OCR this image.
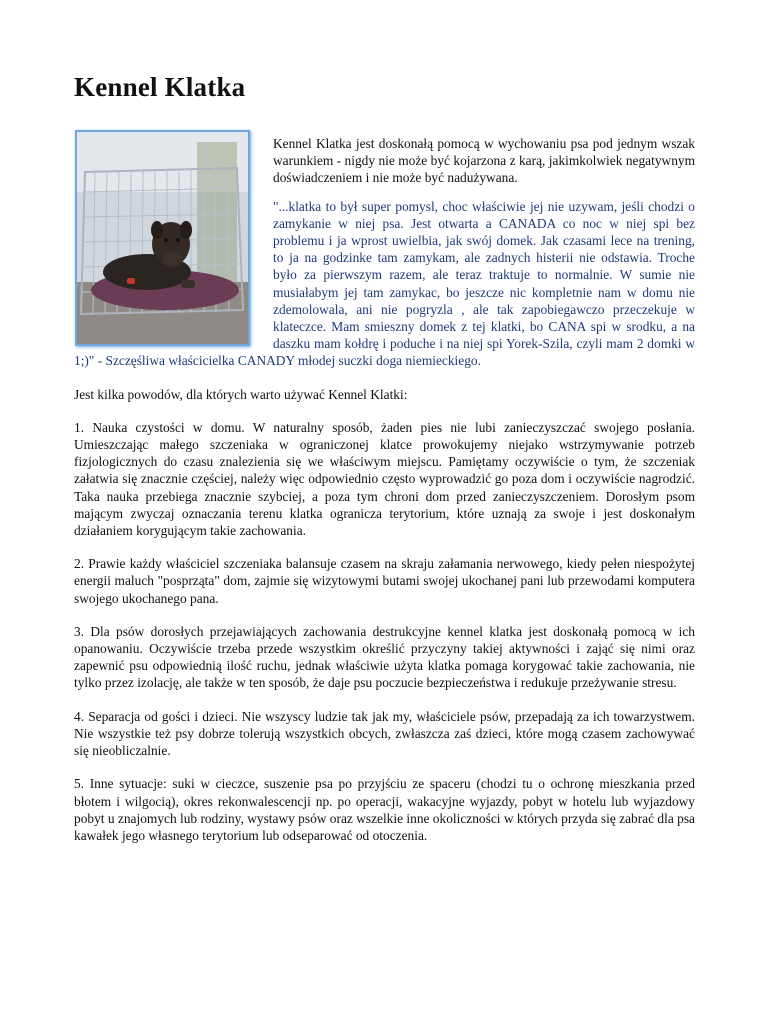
Kennel Klatka

Kennel Klatka jest doskonałą pomocą w wychowaniu psa pod jednym wszak warunkiem - nigdy nie może być kojarzona z karą, jakimkolwiek negatywnym doświadczeniem i nie może być nadużywana.

"...klatka to był super pomysl, choc właściwie jej nie uzywam, jeśli chodzi o zamykanie w niej psa. Jest otwarta a CANADA co noc w niej spi bez problemu i ja wprost uwielbia, jak swój domek. Jak czasami lece na trening, to ja na godzinke tam zamykam, ale zadnych histerii nie odstawia. Troche było za pierwszym razem, ale teraz traktuje to normalnie. W sumie nie musiałabym jej tam zamykac, bo jeszcze nic kompletnie nam w domu nie zdemolowala, ani nie pogryzla , ale tak zapobiegawczo przeczekuje w klateczce. Mam smieszny domek z tej klatki, bo CANA spi w srodku, a na daszku mam kołdrę i poduche i na niej spi Yorek-Szila, czyli mam 2 domki w 1;)" - Szczęśliwa właścicielka CANADY młodej suczki doga niemieckiego.

Jest kilka powodów, dla których warto używać Kennel Klatki:

1. Nauka czystości w domu. W naturalny sposób, żaden pies nie lubi zanieczyszczać swojego posłania. Umieszczając małego szczeniaka w ograniczonej klatce prowokujemy niejako wstrzymywanie potrzeb fizjologicznych do czasu znalezienia się we właściwym miejscu. Pamiętamy oczywiście o tym, że szczeniak załatwia się znacznie częściej, należy więc odpowiednio często wyprowadzić go poza dom i oczywiście nagrodzić. Taka nauka przebiega znacznie szybciej, a poza tym chroni dom przed zanieczyszczeniem. Dorosłym psom mającym zwyczaj oznaczania terenu klatka ogranicza terytorium, które uznają za swoje i jest doskonałym działaniem korygującym takie zachowania.

2. Prawie każdy właściciel szczeniaka balansuje czasem na skraju załamania nerwowego, kiedy pełen niespożytej energii maluch "posprząta" dom, zajmie się wizytowymi butami swojej ukochanej pani lub przewodami komputera swojego ukochanego pana.

3. Dla psów dorosłych przejawiających zachowania destrukcyjne kennel klatka jest doskonałą pomocą w ich opanowaniu. Oczywiście trzeba przede wszystkim określić przyczyny takiej aktywności i zająć się nimi oraz zapewnić psu odpowiednią ilość ruchu, jednak właściwie użyta klatka pomaga korygować takie zachowania, nie tylko przez izolację, ale także w ten sposób, że daje psu poczucie bezpieczeństwa i redukuje przeżywanie stresu.

4. Separacja od gości i dzieci. Nie wszyscy ludzie tak jak my, właściciele psów, przepadają za ich towarzystwem. Nie wszystkie też psy dobrze tolerują wszystkich obcych, zwłaszcza zaś dzieci, które mogą czasem zachowywać się nieobliczalnie.

5. Inne sytuacje: suki w cieczce, suszenie psa po przyjściu ze spaceru (chodzi tu o ochronę mieszkania przed błotem i wilgocią), okres rekonwalescencji np. po operacji, wakacyjne wyjazdy, pobyt w hotelu lub wyjazdowy pobyt u znajomych lub rodziny, wystawy psów oraz wszelkie inne okoliczności w których przyda się zabrać dla psa kawałek jego własnego terytorium lub odseparować od otoczenia.
